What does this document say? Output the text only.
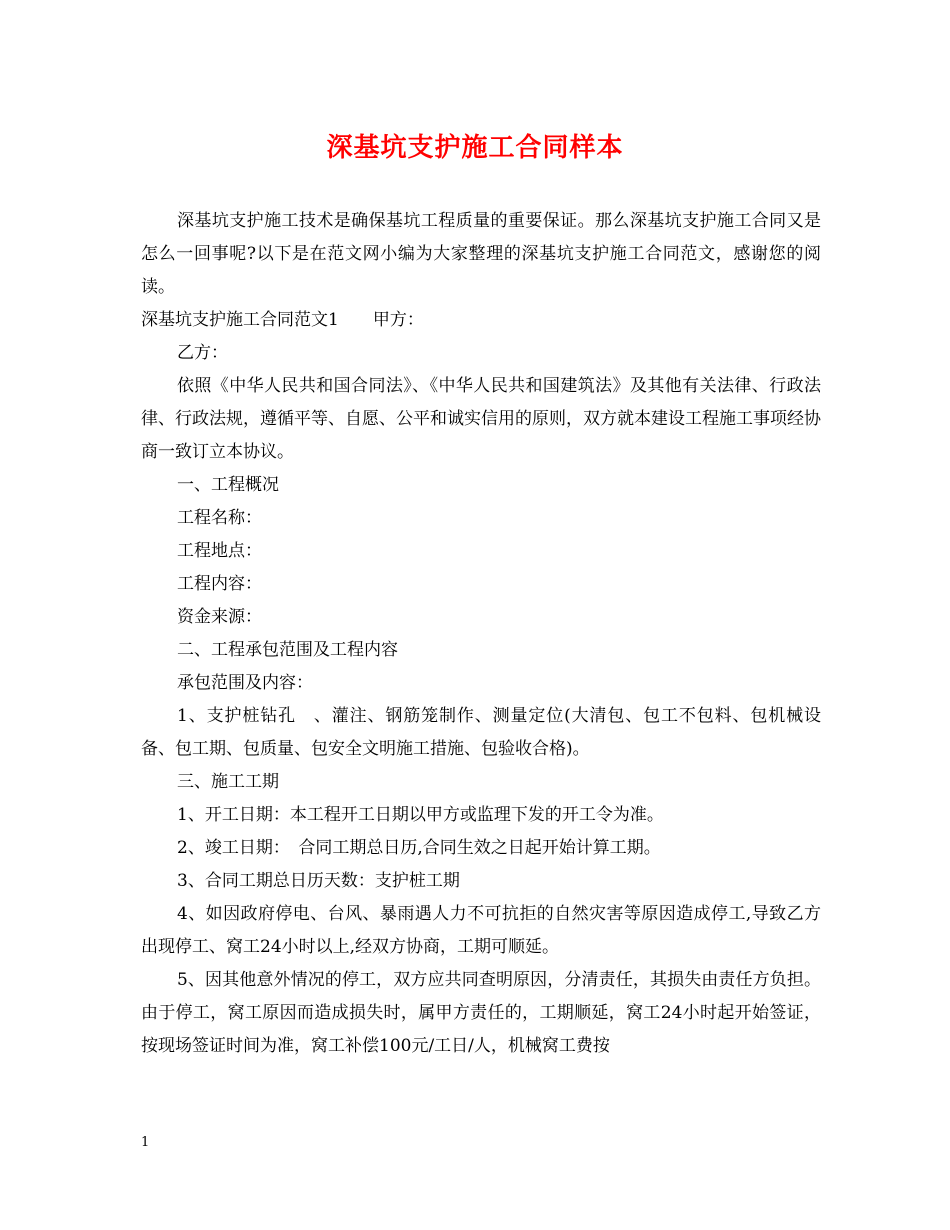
深基坑支护施工合同样本

深基坑支护施工技术是确保基坑工程质量的重要保证。那么深基坑支护施工合同又是怎么一回事呢?以下是在范文网小编为大家整理的深基坑支护施工合同范文，感谢您的阅读。

深基坑支护施工合同范文1　　甲方：

乙方：

依照《中华人民共和国合同法》、《中华人民共和国建筑法》及其他有关法律、行政法律、行政法规，遵循平等、自愿、公平和诚实信用的原则，双方就本建设工程施工事项经协商一致订立本协议。

一、工程概况

工程名称：

工程地点：

工程内容：

资金来源：

二、工程承包范围及工程内容

承包范围及内容：

1、支护桩钻孔　、灌注、钢筋笼制作、测量定位(大清包、包工不包料、包机械设备、包工期、包质量、包安全文明施工措施、包验收合格)。

三、施工工期

1、开工日期：本工程开工日期以甲方或监理下发的开工令为准。

2、竣工日期：　合同工期总日历,合同生效之日起开始计算工期。

3、合同工期总日历天数：支护桩工期

4、如因政府停电、台风、暴雨遇人力不可抗拒的自然灾害等原因造成停工,导致乙方出现停工、窝工24小时以上,经双方协商，工期可顺延。

5、因其他意外情况的停工，双方应共同查明原因，分清责任，其损失由责任方负担。由于停工，窝工原因而造成损失时，属甲方责任的，工期顺延，窝工24小时起开始签证，按现场签证时间为准，窝工补偿100元/工日/人，机械窝工费按

1
